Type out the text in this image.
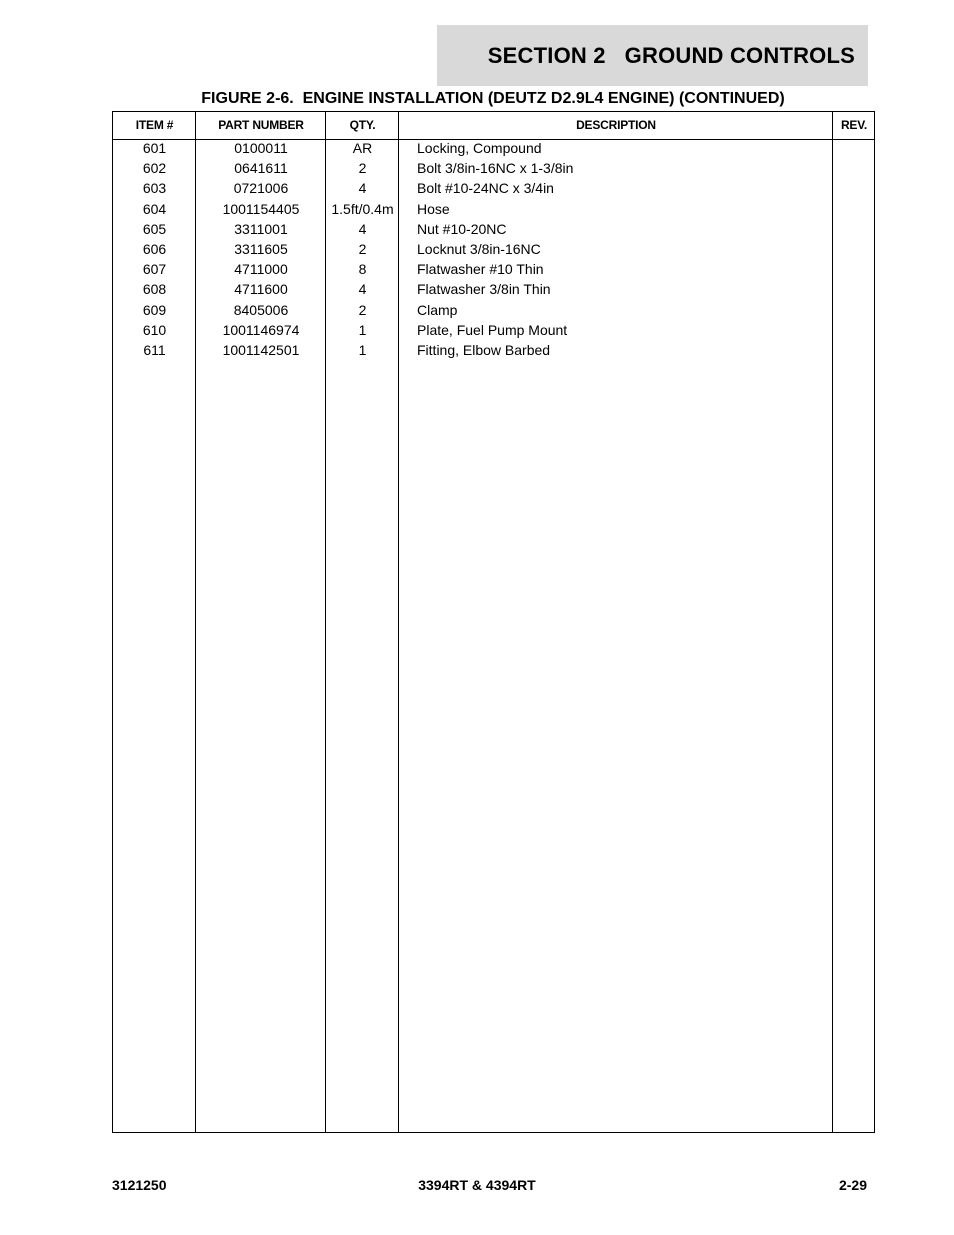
SECTION 2   GROUND CONTROLS
FIGURE 2-6.  ENGINE INSTALLATION (DEUTZ D2.9L4 ENGINE) (CONTINUED)
ITEM #	PART NUMBER	QTY.	DESCRIPTION	REV.
601	0100011	AR	Locking, Compound
602	0641611	2	Bolt 3/8in-16NC x 1-3/8in
603	0721006	4	Bolt #10-24NC x 3/4in
604	1001154405	1.5ft/0.4m	Hose
605	3311001	4	Nut #10-20NC
606	3311605	2	Locknut 3/8in-16NC
607	4711000	8	Flatwasher #10 Thin
608	4711600	4	Flatwasher 3/8in Thin
609	8405006	2	Clamp
610	1001146974	1	Plate, Fuel Pump Mount
611	1001142501	1	Fitting, Elbow Barbed
3121250	3394RT & 4394RT	2-29
